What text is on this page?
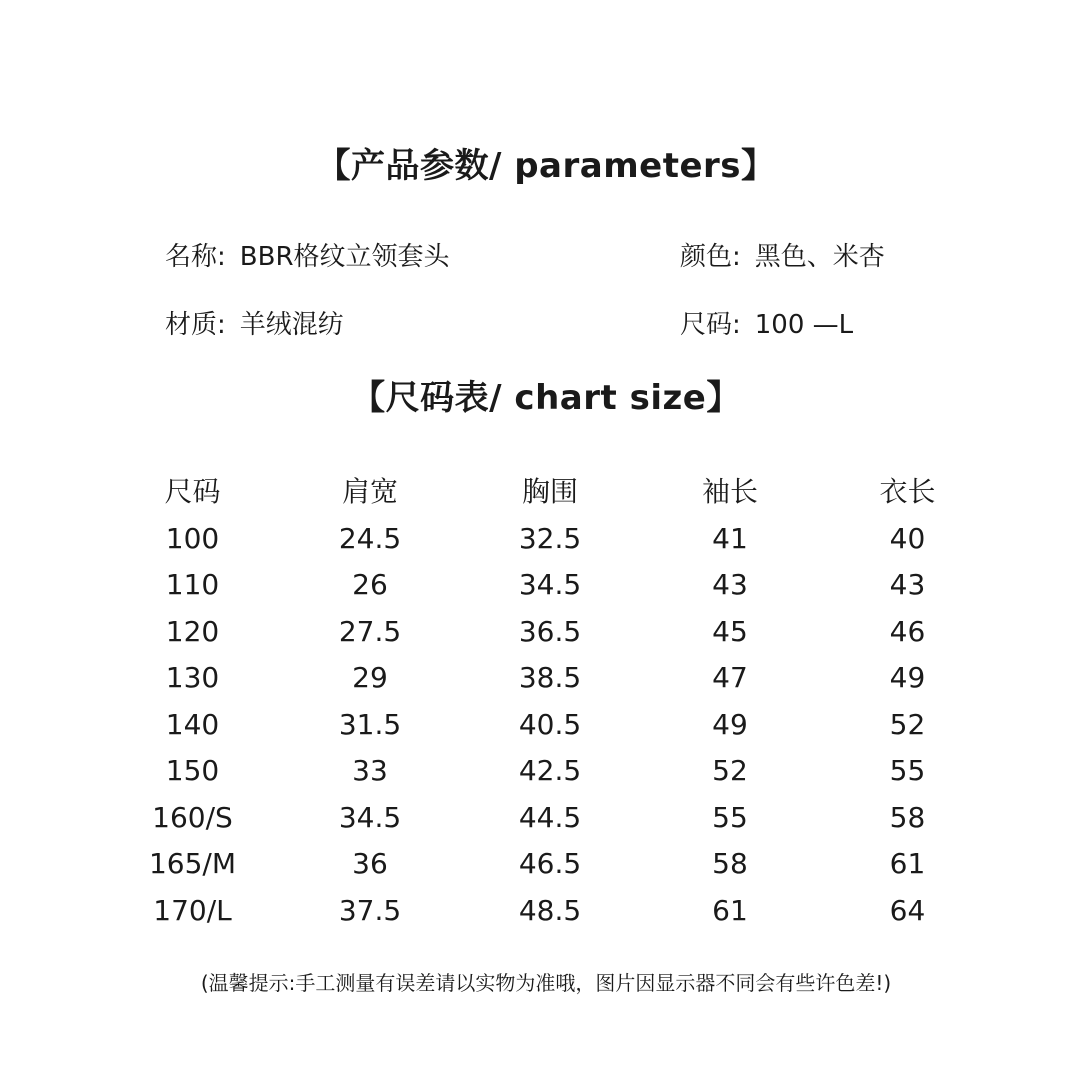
【产品参数/ parameters】
名称: BBR格纹立领套头	颜色: 黑色、米杏
材质: 羊绒混纺	尺码: 100 —L
【尺码表/ chart size】
尺码	肩宽	胸围	袖长	衣长
100	24.5	32.5	41	40
110	26	34.5	43	43
120	27.5	36.5	45	46
130	29	38.5	47	49
140	31.5	40.5	49	52
150	33	42.5	52	55
160/S	34.5	44.5	55	58
165/M	36	46.5	58	61
170/L	37.5	48.5	61	64
(温馨提示:手工测量有误差请以实物为准哦，图片因显示器不同会有些许色差!)
